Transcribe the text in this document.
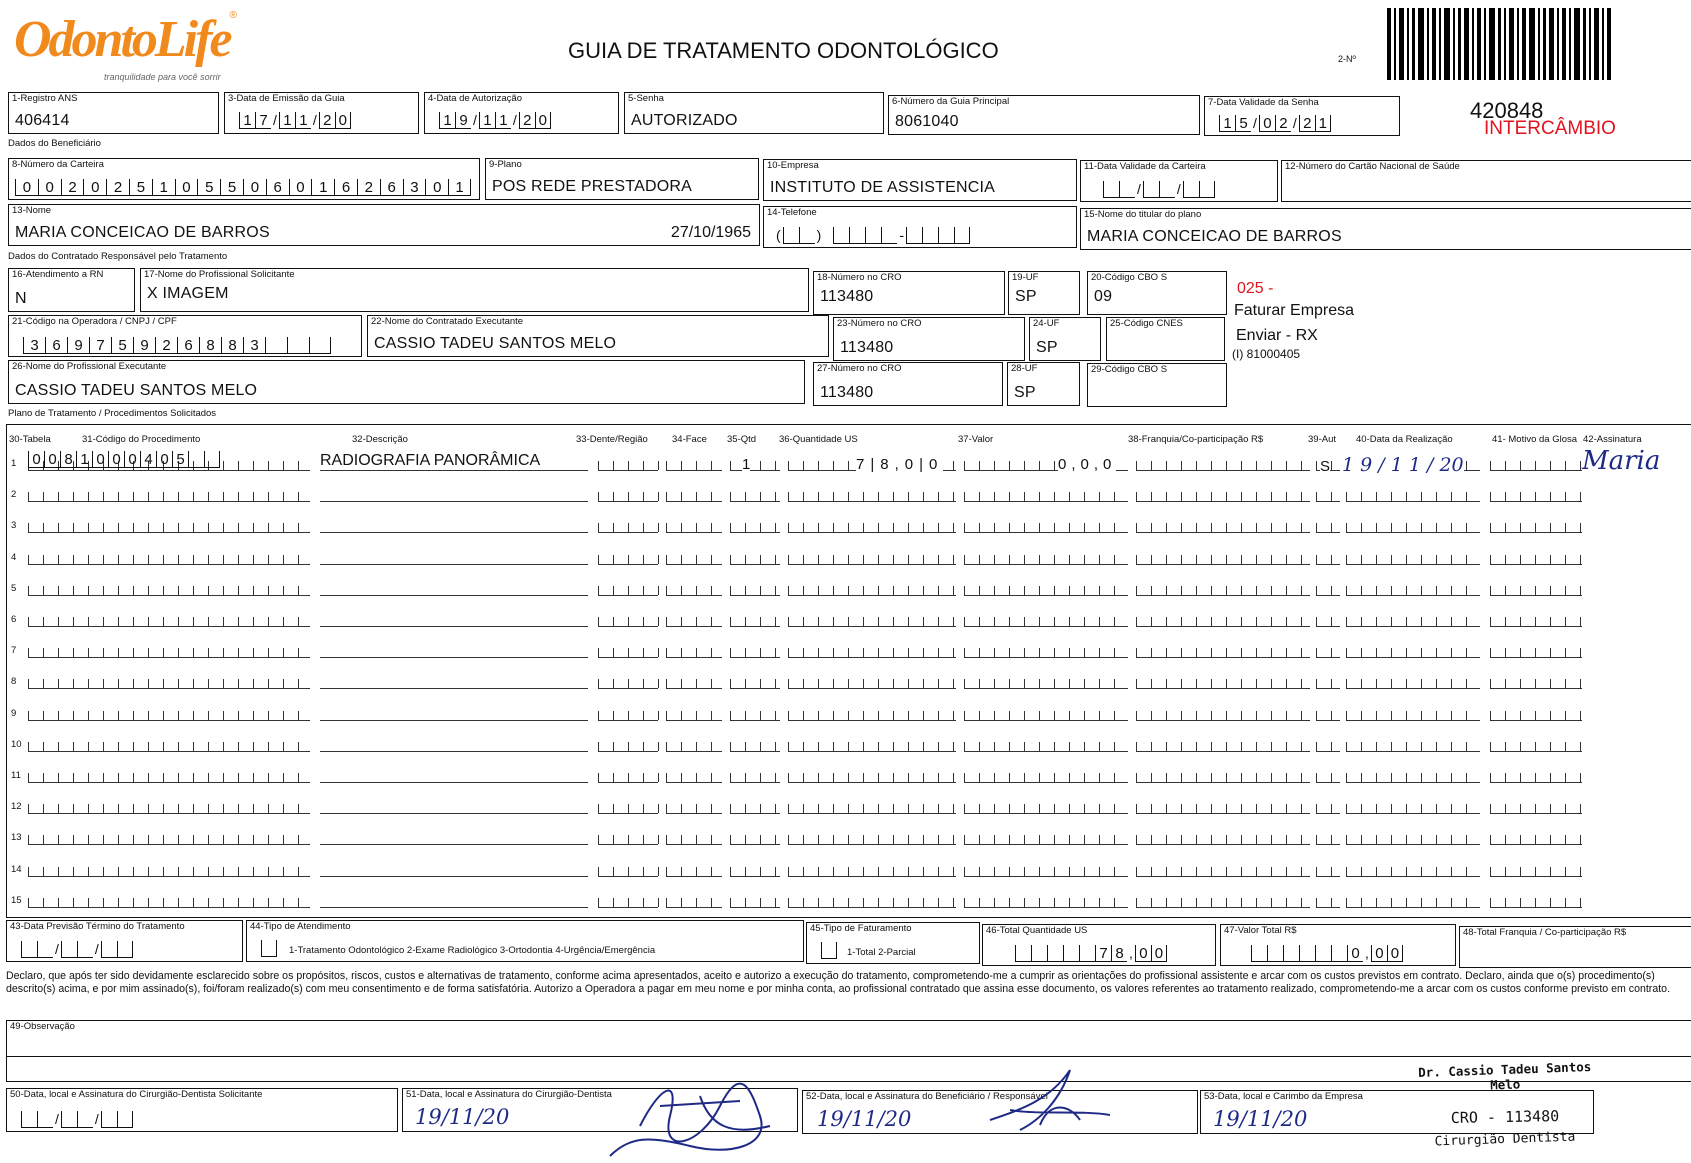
OdontoLife®
tranquilidade para você sorrir
GUIA DE TRATAMENTO ODONTOLÓGICO	2-Nº
420848
INTERCÂMBIO
1-Registro ANS
406414
3-Data de Emissão da Guia
1 7 / 1 1 / 2 0
4-Data de Autorização
1 9 / 1 1 / 2 0
5-Senha
AUTORIZADO
6-Número da Guia Principal
8061040
7-Data Validade da Senha
1 5 / 0 2 / 2 1
Dados do Beneficiário
8-Número da Carteira
0 0 2 0 2 5 1 0 5 5 0 6 0 1 6 2 6 3 0 1
9-Plano
POS REDE PRESTADORA
10-Empresa
INSTITUTO DE ASSISTENCIA
11-Data Validade da Carteira
/	/
12-Número do Cartão Nacional de Saúde
13-Nome
MARIA CONCEICAO DE BARROS	27/10/1965
14-Telefone
(	)	-
15-Nome do titular do plano
MARIA CONCEICAO DE BARROS
Dados do Contratado Responsável pelo Tratamento
16-Atendimento a RN
N
17-Nome do Profissional Solicitante
X IMAGEM
18-Número no CRO
113480
19-UF
SP
20-Código CBO S
09	025 -
Faturar Empresa
Enviar - RX
(I) 81000405
21-Código na Operadora / CNPJ / CPF
3 6 9 7 5 9 2 6 8 8 3
22-Nome do Contratado Executante
CASSIO TADEU SANTOS MELO
23-Número no CRO
113480
24-UF
SP
25-Código CNES
26-Nome do Profissional Executante
CASSIO TADEU SANTOS MELO
27-Número no CRO
113480
28-UF
SP
29-Código CBO S
Plano de Tratamento / Procedimentos Solicitados
30-Tabela	31-Código do Procedimento	32-Descrição	33-Dente/Região	34-Face 35-Qtd 36-Quantidade US	37-Valor	38-Franquia/Co-participação R$	39-Aut 40-Data da Realização	41- Motivo da Glosa 42-Assinatura
1
2
3
4
5
6
7
8
9
10
11
12
13
14
15
0 0 8 1 0 0 0 4 0 5	RADIOGRAFIA PANORÂMICA	1	7|8,0|0	0,0,0	S 1 9 / 1 1 / 20	Maria
43-Data Previsão Término do Tratamento
/	/
44-Tipo de Atendimento
1-Tratamento Odontológico 2-Exame Radiológico 3-Ortodontia 4-Urgência/Emergência
45-Tipo de Faturamento
1-Total 2-Parcial
46-Total Quantidade US
7 8 , 0 0
47-Valor Total R$
0 , 0 0
48-Total Franquia / Co-participação R$
Declaro, que após ter sido devidamente esclarecido sobre os propósitos, riscos, custos e alternativas de tratamento, conforme acima apresentados, aceito e autorizo a execução do tratamento, comprometendo-me a cumprir as orientações do profissional assistente e arcar com os custos previstos em contrato. Declaro, ainda que o(s) procedimento(s) descrito(s) acima, e por mim assinado(s), foi/foram realizado(s) com meu consentimento e de forma satisfatória. Autorizo a Operadora a pagar em meu nome e por minha conta, ao profissional contratado que assina esse documento, os valores referentes ao tratamento realizado, comprometendo-me a arcar com os custos conforme previsto em contrato.
49-Observação
50-Data, local e Assinatura do Cirurgião-Dentista Solicitante
/	/
51-Data, local e Assinatura do Cirurgião-Dentista
19/11/20
52-Data, local e Assinatura do Beneficiário / Responsável
19/11/20
53-Data, local e Carimbo da Empresa
19/11/20
Dr. Cassio Tadeu Santos Melo
CRO - 113480
Cirurgião Dentista
